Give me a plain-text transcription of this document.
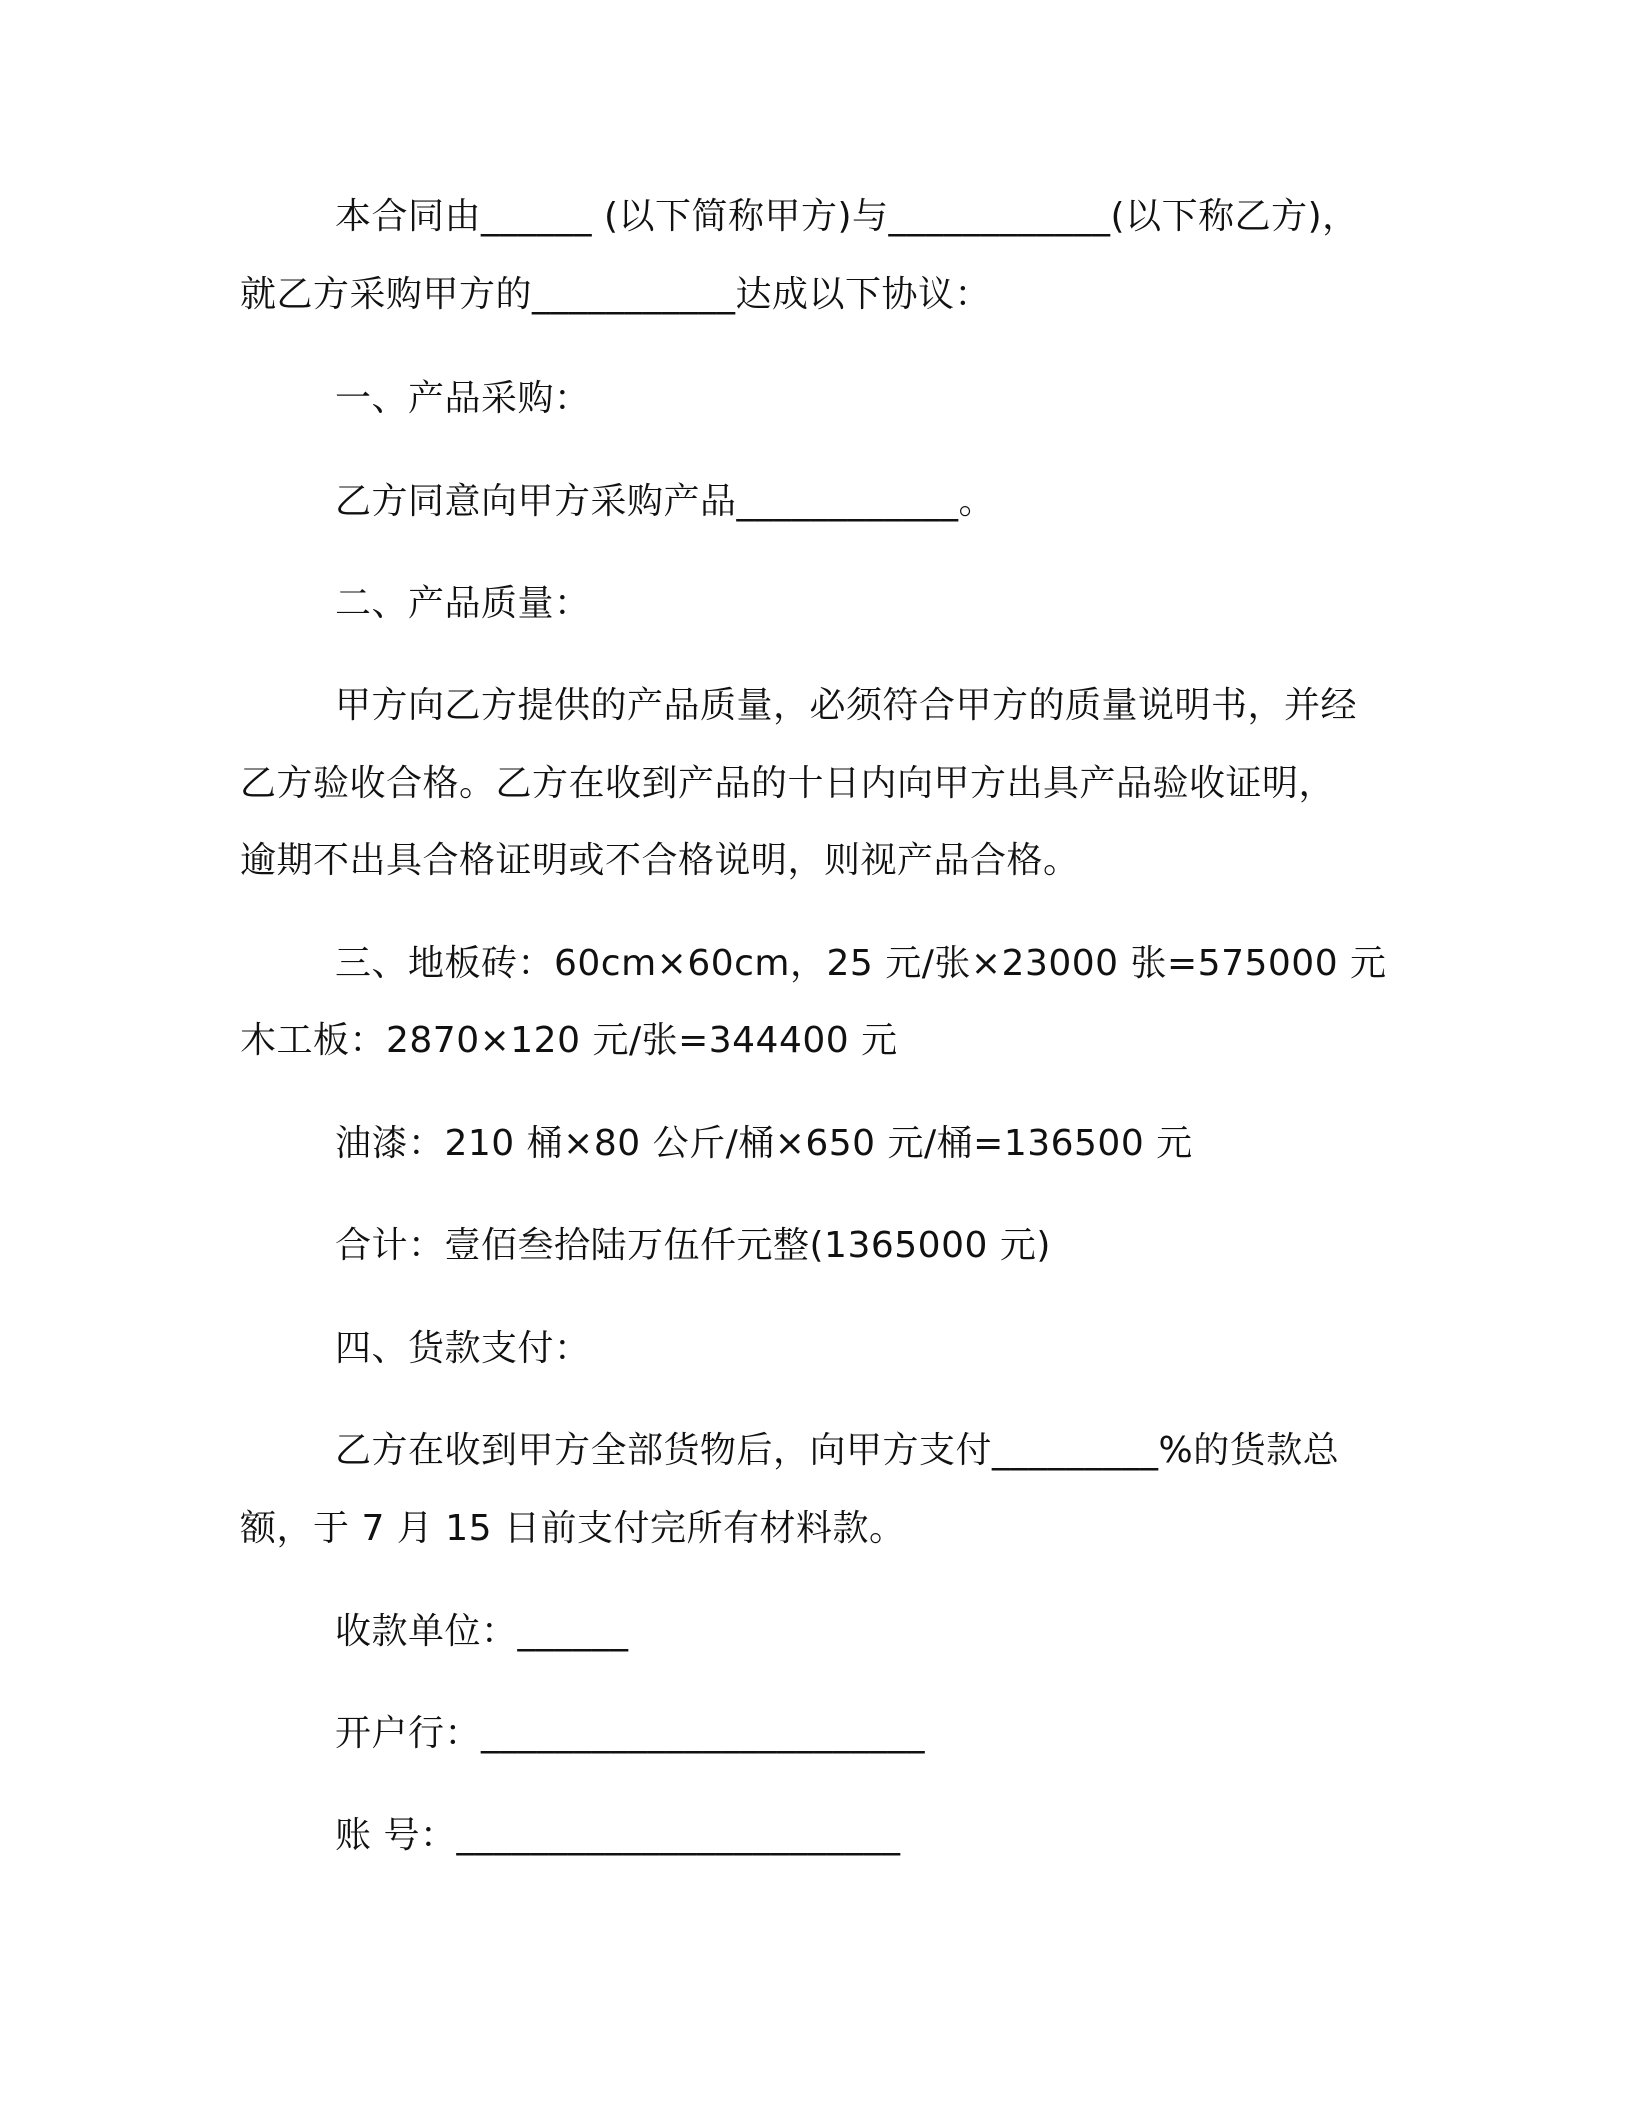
本合同由______ (以下简称甲方)与____________(以下称乙方)，
就乙方采购甲方的___________达成以下协议：
一、产品采购：
乙方同意向甲方采购产品____________。
二、产品质量：
甲方向乙方提供的产品质量，必须符合甲方的质量说明书，并经
乙方验收合格。乙方在收到产品的十日内向甲方出具产品验收证明，
逾期不出具合格证明或不合格说明，则视产品合格。
三、地板砖：60cm×60cm，25 元/张×23000 张=575000 元
木工板：2870×120 元/张=344400 元
油漆：210 桶×80 公斤/桶×650 元/桶=136500 元
合计：壹佰叁拾陆万伍仟元整(1365000 元)
四、货款支付：
乙方在收到甲方全部货物后，向甲方支付_________%的货款总
额，于 7 月 15 日前支付完所有材料款。
收款单位：______
开户行：________________________
账 号：________________________
